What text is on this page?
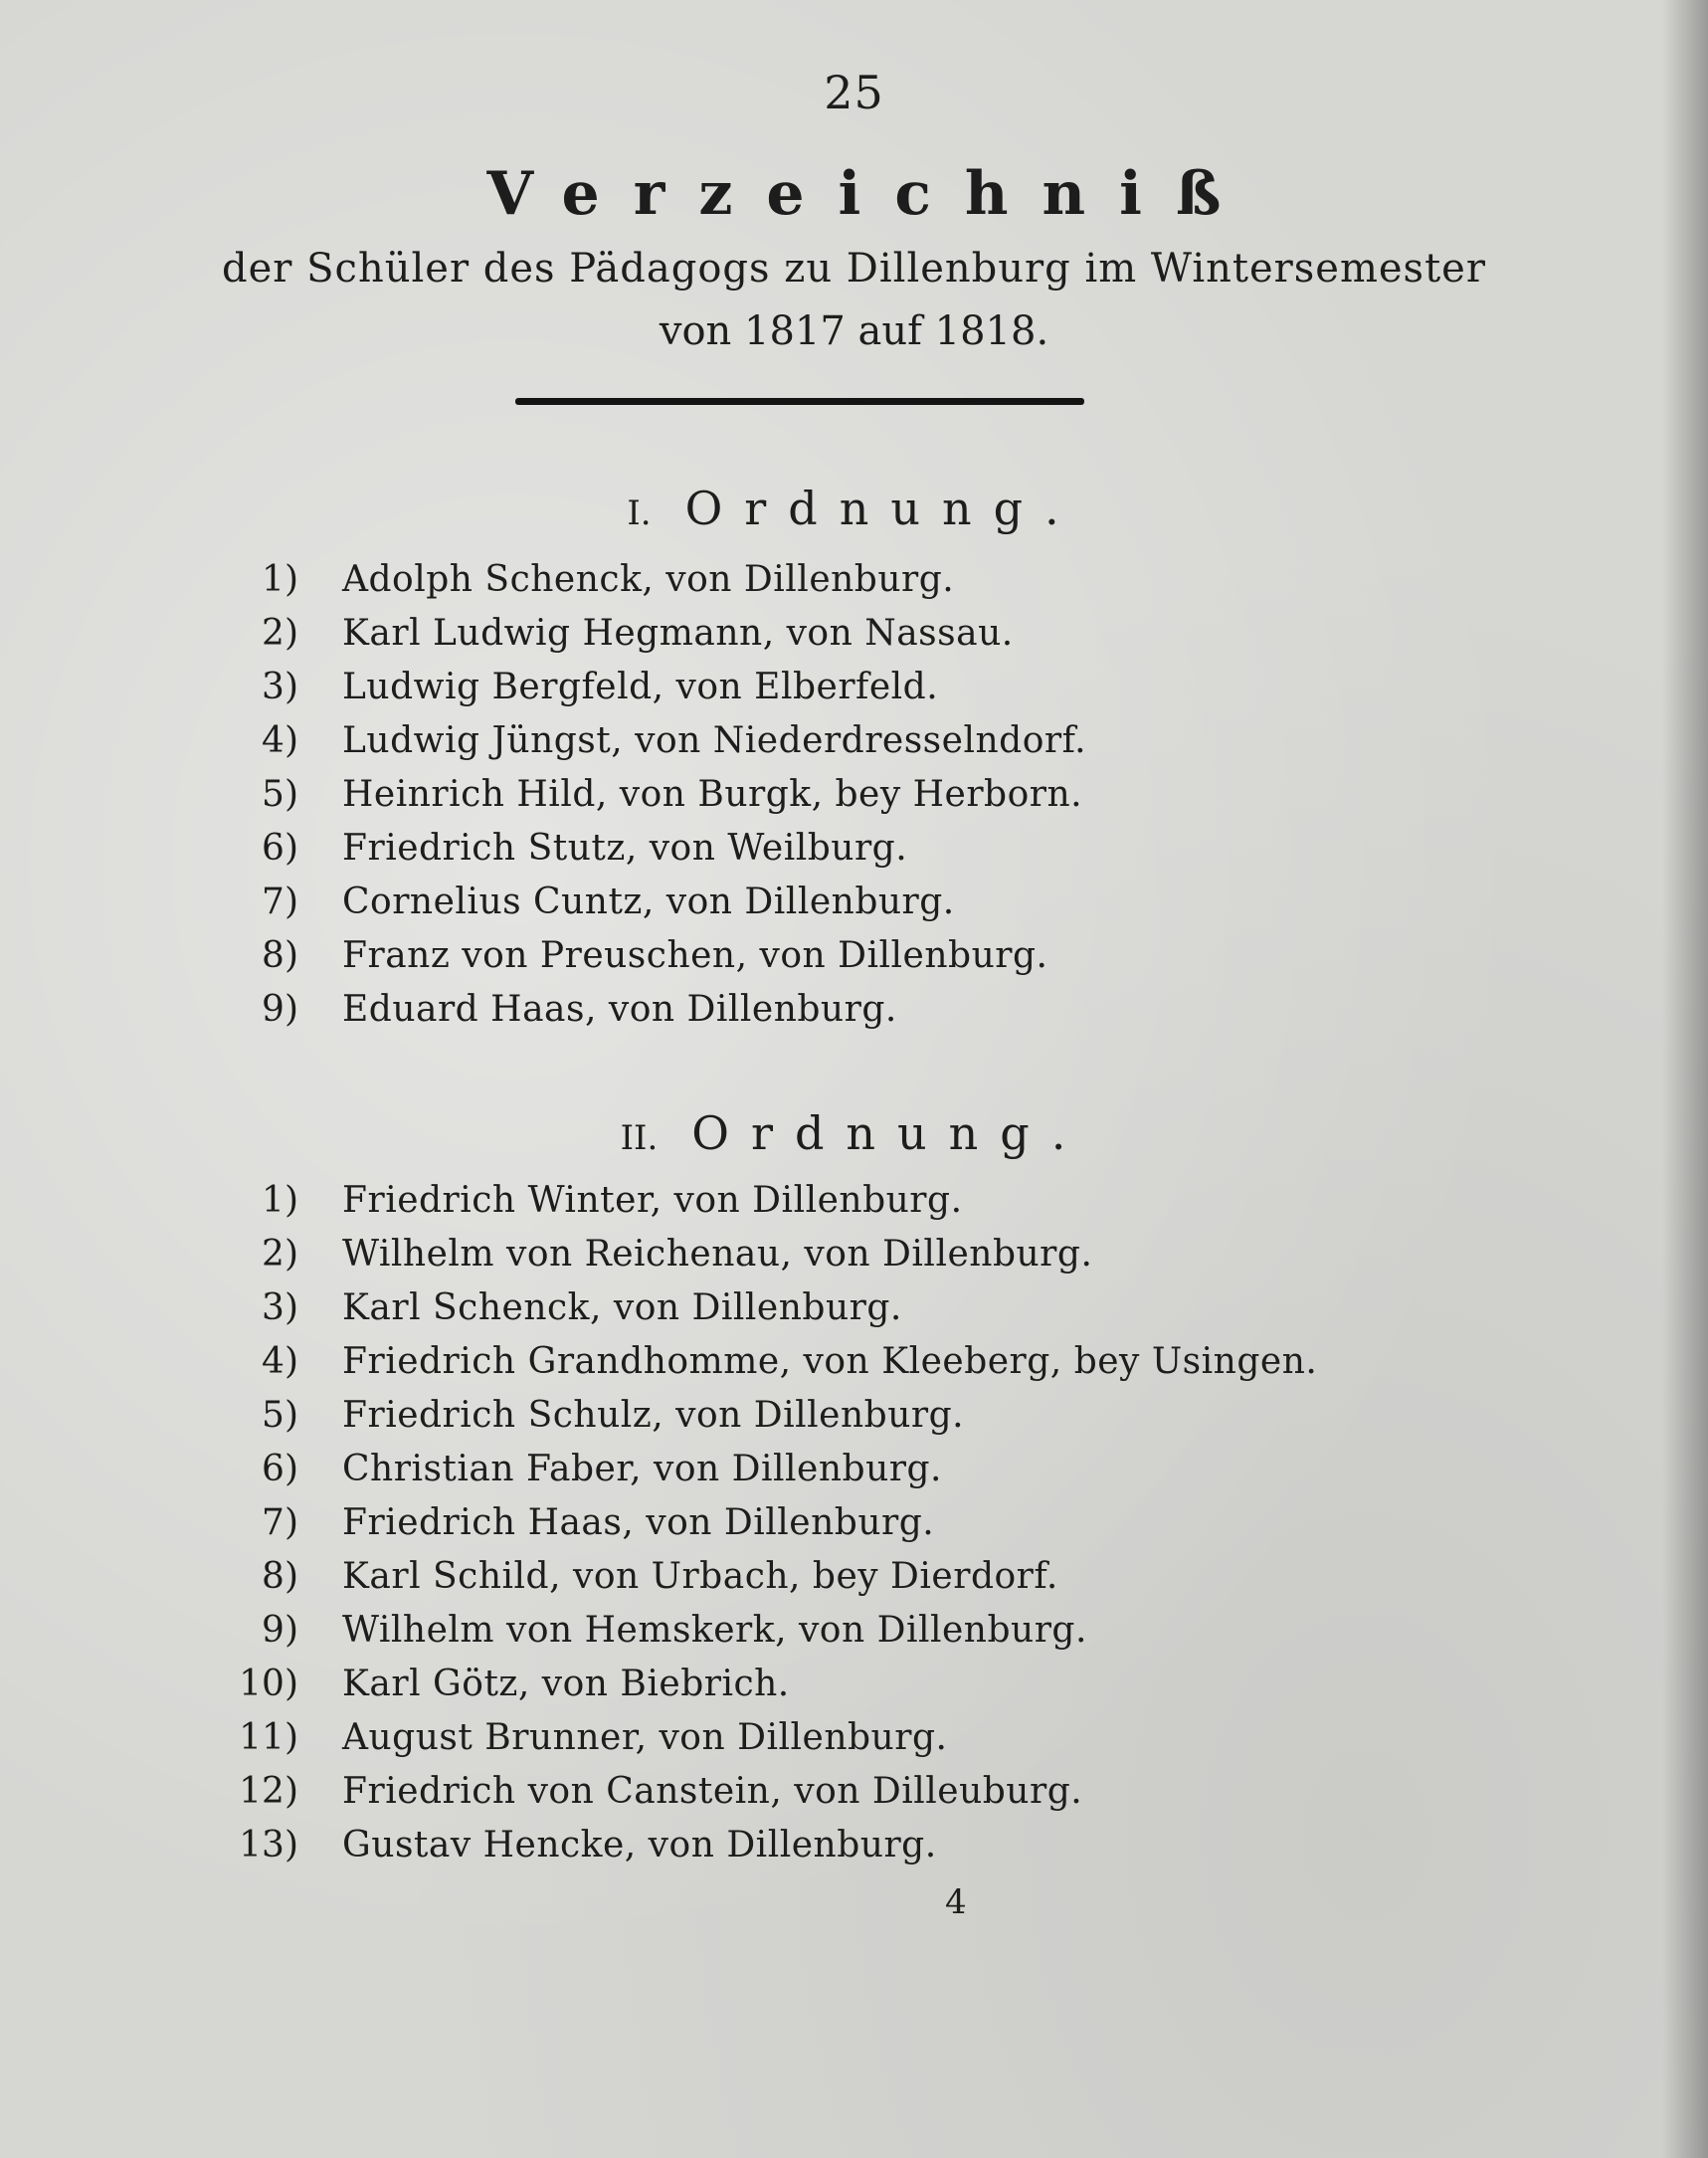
25
Verzeichniß
der Schüler des Pädagogs zu Dillenburg im Wintersemester
von 1817 auf 1818.
I. Ordnung.
1) Adolph Schenck, von Dillenburg.
2) Karl Ludwig Hegmann, von Nassau.
3) Ludwig Bergfeld, von Elberfeld.
4) Ludwig Jüngst, von Niederdresselndorf.
5) Heinrich Hild, von Burgk, bey Herborn.
6) Friedrich Stutz, von Weilburg.
7) Cornelius Cuntz, von Dillenburg.
8) Franz von Preuschen, von Dillenburg.
9) Eduard Haas, von Dillenburg.
II. Ordnung.
1) Friedrich Winter, von Dillenburg.
2) Wilhelm von Reichenau, von Dillenburg.
3) Karl Schenck, von Dillenburg.
4) Friedrich Grandhomme, von Kleeberg, bey Usingen.
5) Friedrich Schulz, von Dillenburg.
6) Christian Faber, von Dillenburg.
7) Friedrich Haas, von Dillenburg.
8) Karl Schild, von Urbach, bey Dierdorf.
9) Wilhelm von Hemskerk, von Dillenburg.
10) Karl Götz, von Biebrich.
11) August Brunner, von Dillenburg.
12) Friedrich von Canstein, von Dilleuburg.
13) Gustav Hencke, von Dillenburg.
4
